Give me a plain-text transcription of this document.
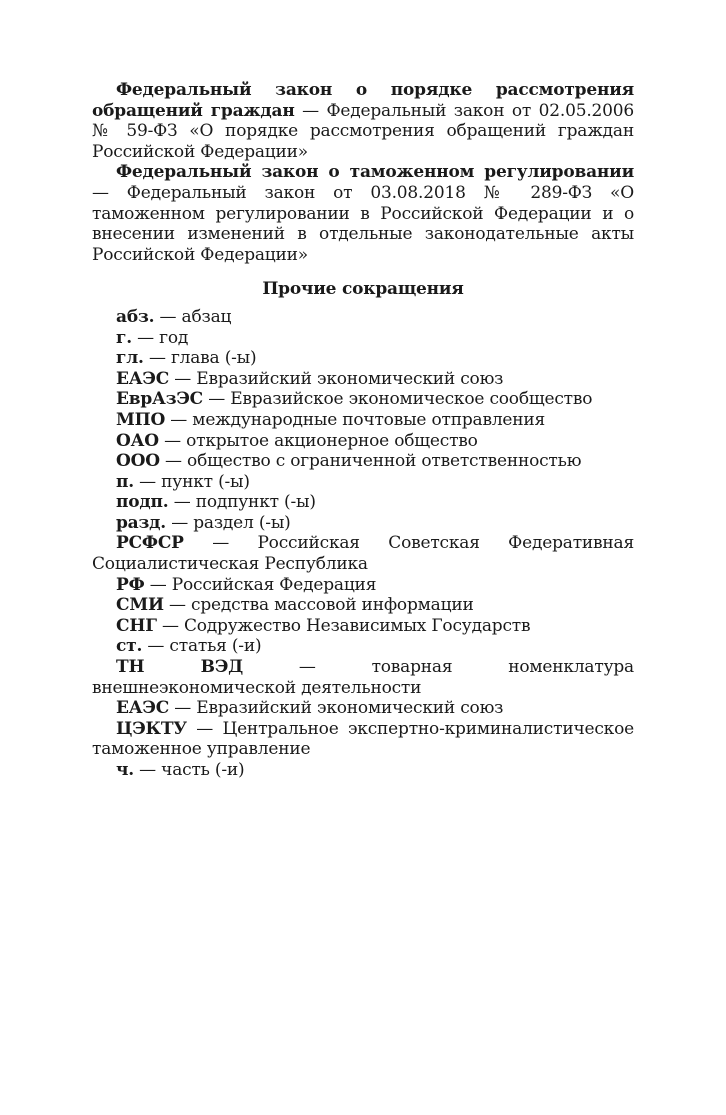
Федеральный закон о порядке рассмотрения обращений граждан — Федеральный закон от 02.05.2006 № 59-ФЗ «О порядке рассмотрения обращений граждан Российской Федерации»

Федеральный закон о таможенном регулировании — Федеральный закон от 03.08.2018 № 289-ФЗ «О таможенном регулировании в Российской Федерации и о внесении изменений в отдельные законодательные акты Российской Федерации»

Прочие сокращения
абз. — абзац
г. — год
гл. — глава (-ы)
ЕАЭС — Евразийский экономический союз
ЕврАзЭС — Евразийское экономическое сообщество
МПО — международные почтовые отправления
ОАО — открытое акционерное общество
ООО — общество с ограниченной ответственностью
п. — пункт (-ы)
подп. — подпункт (-ы)
разд. — раздел (-ы)
РСФСР — Российская Советская Федеративная Социалистическая Республика
РФ — Российская Федерация
СМИ — средства массовой информации
СНГ — Содружество Независимых Государств
ст. — статья (-и)
ТН ВЭД — товарная номенклатура внешнеэкономической деятельности
ЕАЭС — Евразийский экономический союз
ЦЭКТУ — Центральное экспертно-криминалистическое таможенное управление
ч. — часть (-и)
